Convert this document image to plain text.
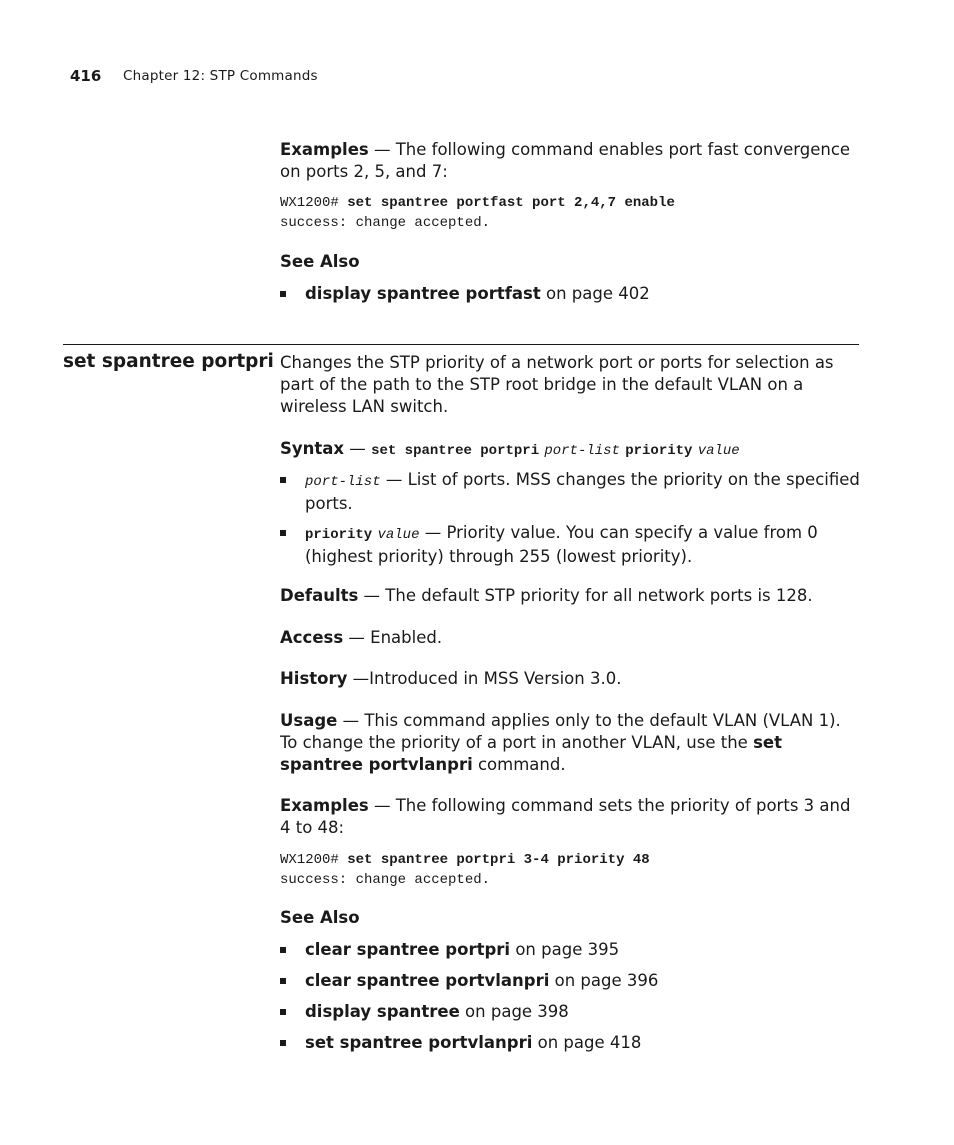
416 Chapter 12: STP Commands
Examples — The following command enables port fast convergence on ports 2, 5, and 7:
WX1200# set spantree portfast port 2,4,7 enable
success: change accepted.
See Also
display spantree portfast on page 402
set spantree portpri Changes the STP priority of a network port or ports for selection as part of the path to the STP root bridge in the default VLAN on a wireless LAN switch.
Syntax — set spantree portpri port-list priority value
port-list — List of ports. MSS changes the priority on the specified ports.
priority value — Priority value. You can specify a value from 0 (highest priority) through 255 (lowest priority).
Defaults — The default STP priority for all network ports is 128.
Access — Enabled.
History —Introduced in MSS Version 3.0.
Usage — This command applies only to the default VLAN (VLAN 1). To change the priority of a port in another VLAN, use the set spantree portvlanpri command.
Examples — The following command sets the priority of ports 3 and 4 to 48:
WX1200# set spantree portpri 3-4 priority 48
success: change accepted.
See Also
clear spantree portpri on page 395
clear spantree portvlanpri on page 396
display spantree on page 398
set spantree portvlanpri on page 418
